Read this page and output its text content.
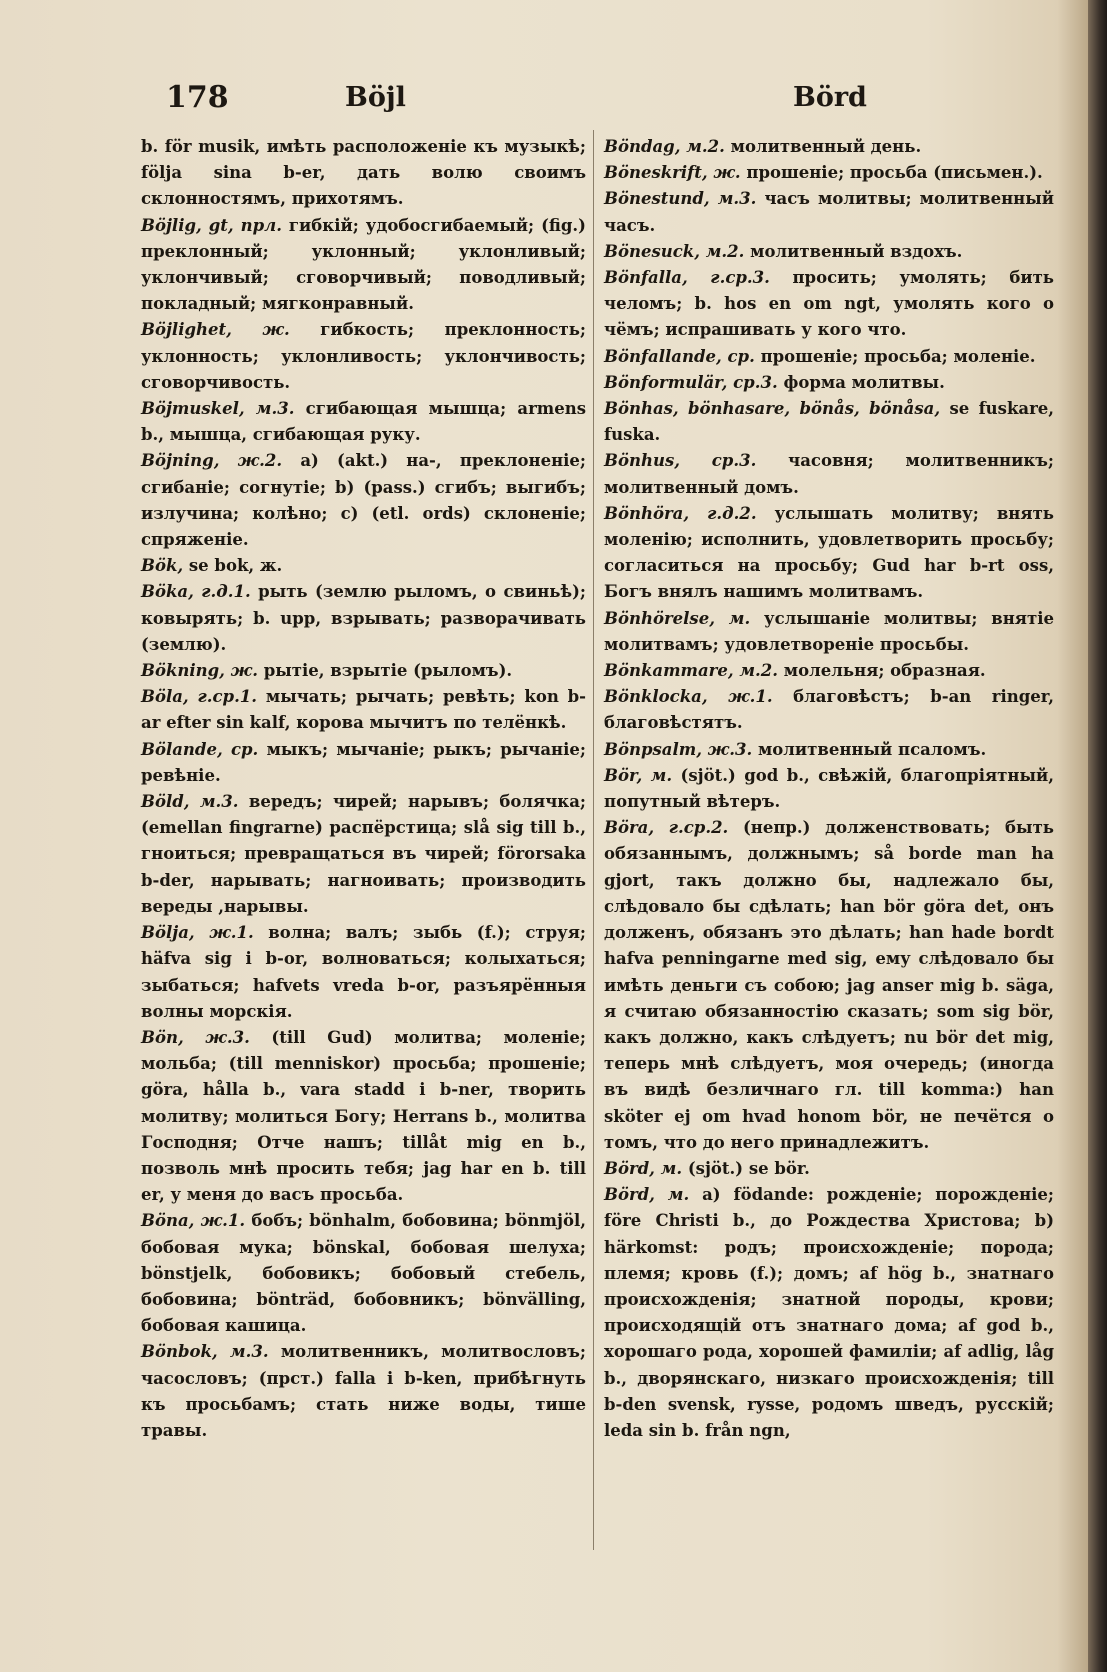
178	Böjl	Börd

b. för musik, имѣть расположеніе къ музыкѣ; följa sina b-er, дать волю своимъ склонностямъ, прихотямъ.

Böjlig, gt, прл. гибкій; удобосгибаемый; (fig.) преклонный; уклонный; уклонливый; уклончивый; сговорчивый; поводливый; покладный; мягконравный.

Böjlighet, ж. гибкость; преклонность; уклонность; уклонливость; уклончивость; сговорчивость.

Böjmuskel, м.3. сгибающая мышца; armens b., мышца, сгибающая руку.

Böjning, ж.2. a) (akt.) на-, преклоненіе; сгибаніе; согнутіе; b) (pass.) сгибъ; выгибъ; излучина; колѣно; c) (etl. ords) склоненіе; спряженіе.

Bök, se bok, ж.

Böka, г.д.1. рыть (землю рыломъ, о свиньѣ); ковырять; b. upp, взрывать; разворачивать (землю).

Bökning, ж. рытіе, взрытіе (рыломъ).

Böla, г.ср.1. мычать; рычать; ревѣть; kon b-ar efter sin kalf, корова мычитъ по телёнкѣ.

Bölande, ср. мыкъ; мычаніе; рыкъ; рычаніе; ревѣніе.

Böld, м.3. вередъ; чирей; нарывъ; болячка; (emellan fingrarne) распёрстица; slå sig till b., гноиться; превращаться въ чирей; förorsaka b-der, нарывать; нагноивать; производить вереды ,нарывы.

Bölja, ж.1. волна; валъ; зыбь (f.); струя; häfva sig i b-or, волноваться; колыхаться; зыбаться; hafvets vreda b-or, разъярённыя волны морскія.

Bön, ж.3. (till Gud) молитва; моленіе; мольба; (till menniskor) просьба; прошеніе; göra, hålla b., vara stadd i b-ner, творить молитву; молиться Богу; Herrans b., молитва Господня; Отче нашъ; tillåt mig en b., позволь мнѣ просить тебя; jag har en b. till er, у меня до васъ просьба.

Böna, ж.1. бобъ; bönhalm, бобовина; bönmjöl, бобовая мука; bönskal, бобовая шелуха; bönstjelk, бобовикъ; бобовый стебель, бобовина; bönträd, бобовникъ; bönvälling, бобовая кашица.

Bönbok, м.3. молитвенникъ, молитвословъ; часословъ; (прст.) falla i b-ken, прибѣгнуть къ просьбамъ; стать ниже воды, тише травы.

Böndag, м.2. молитвенный день.

Böneskrift, ж. прошеніе; просьба (письмен.).

Bönestund, м.3. часъ молитвы; молитвенный часъ.

Bönesuck, м.2. молитвенный вздохъ.

Bönfalla, г.ср.3. просить; умолять; бить челомъ; b. hos en om ngt, умолять кого о чёмъ; испрашивать у кого что.

Bönfallande, ср. прошеніе; просьба; моленіе.

Bönformulär, ср.3. форма молитвы.

Bönhas, bönhasare, bönås, bönåsa, se fuskare, fuska.

Bönhus, ср.3. часовня; молитвенникъ; молитвенный домъ.

Bönhöra, г.д.2. услышать молитву; внять моленію; исполнить, удовлетворить просьбу; согласиться на просьбу; Gud har b-rt oss, Богъ внялъ нашимъ молитвамъ.

Bönhörelse, м. услышаніе молитвы; внятіе молитвамъ; удовлетвореніе просьбы.

Bönkammare, м.2. молельня; образная.

Bönklocka, ж.1. благовѣстъ; b-an ringer, благовѣстятъ.

Bönpsalm, ж.3. молитвенный псаломъ.

Bör, м. (sjöt.) god b., свѣжій, благопріятный, попутный вѣтеръ.

Böra, г.ср.2. (непр.) долженствовать; быть обязаннымъ, должнымъ; så borde man ha gjort, такъ должно бы, надлежало бы, слѣдовало бы сдѣлать; han bör göra det, онъ долженъ, обязанъ это дѣлать; han hade bordt hafva penningarne med sig, ему слѣдовало бы имѣть деньги съ собою; jag anser mig b. säga, я считаю обязанностію сказать; som sig bör, какъ должно, какъ слѣдуетъ; nu bör det mig, теперь мнѣ слѣдуетъ, моя очередь; (иногда въ видѣ безличнаго гл. till komma:) han sköter ej om hvad honom bör, не печётся о томъ, что до него принадлежитъ.

Börd, м. (sjöt.) se bör.

Börd, м. a) födande: рожденіе; порожденіе; före Christi b., до Рождества Христова; b) härkomst: родъ; происхожденіе; порода; племя; кровь (f.); домъ; af hög b., знатнаго происхожденія; знатной породы, крови; происходящій отъ знатнаго дома; af god b., хорошаго рода, хорошей фамиліи; af adlig, låg b., дворянскаго, низкаго происхожденія; till b-den svensk, rysse, родомъ шведъ, русскій; leda sin b. från ngn,
